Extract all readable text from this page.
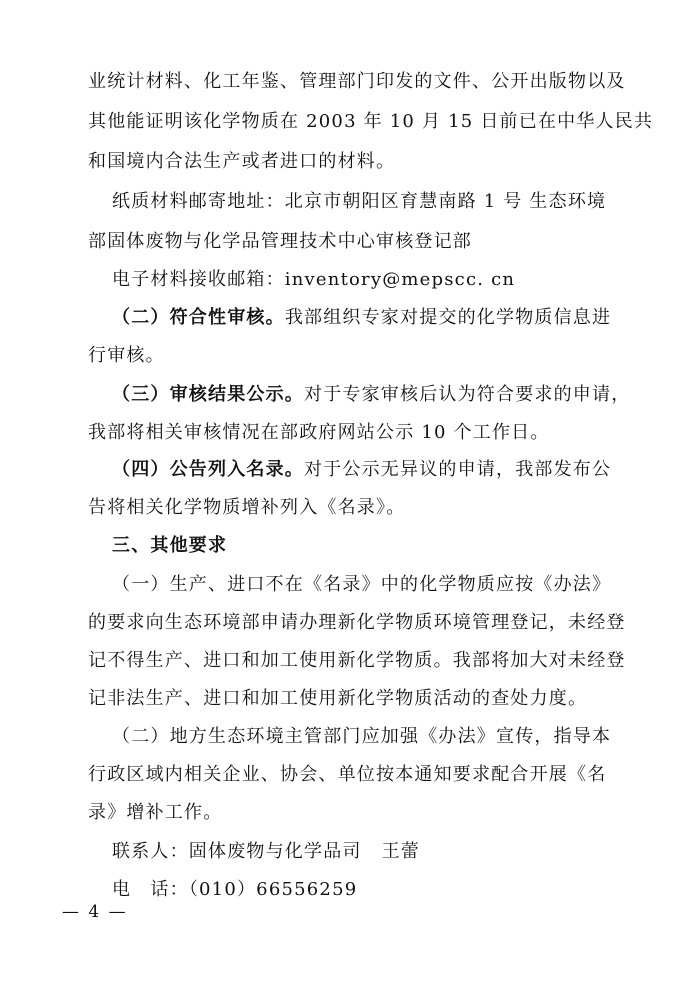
业统计材料、化工年鉴、管理部门印发的文件、公开出版物以及
其他能证明该化学物质在 2003 年 10 月 15 日前已在中华人民共
和国境内合法生产或者进口的材料。
纸质材料邮寄地址：北京市朝阳区育慧南路 1 号 生态环境
部固体废物与化学品管理技术中心审核登记部
电子材料接收邮箱：inventory@mepscc. cn
（二）符合性审核。我部组织专家对提交的化学物质信息进
行审核。
（三）审核结果公示。对于专家审核后认为符合要求的申请，
我部将相关审核情况在部政府网站公示 10 个工作日。
（四）公告列入名录。对于公示无异议的申请，我部发布公
告将相关化学物质增补列入《名录》。
三、其他要求
（一）生产、进口不在《名录》中的化学物质应按《办法》
的要求向生态环境部申请办理新化学物质环境管理登记，未经登
记不得生产、进口和加工使用新化学物质。我部将加大对未经登
记非法生产、进口和加工使用新化学物质活动的查处力度。
（二）地方生态环境主管部门应加强《办法》宣传，指导本
行政区域内相关企业、协会、单位按本通知要求配合开展《名
录》增补工作。
联系人：固体废物与化学品司 王蕾
电　话：（010）66556259
— 4 —
